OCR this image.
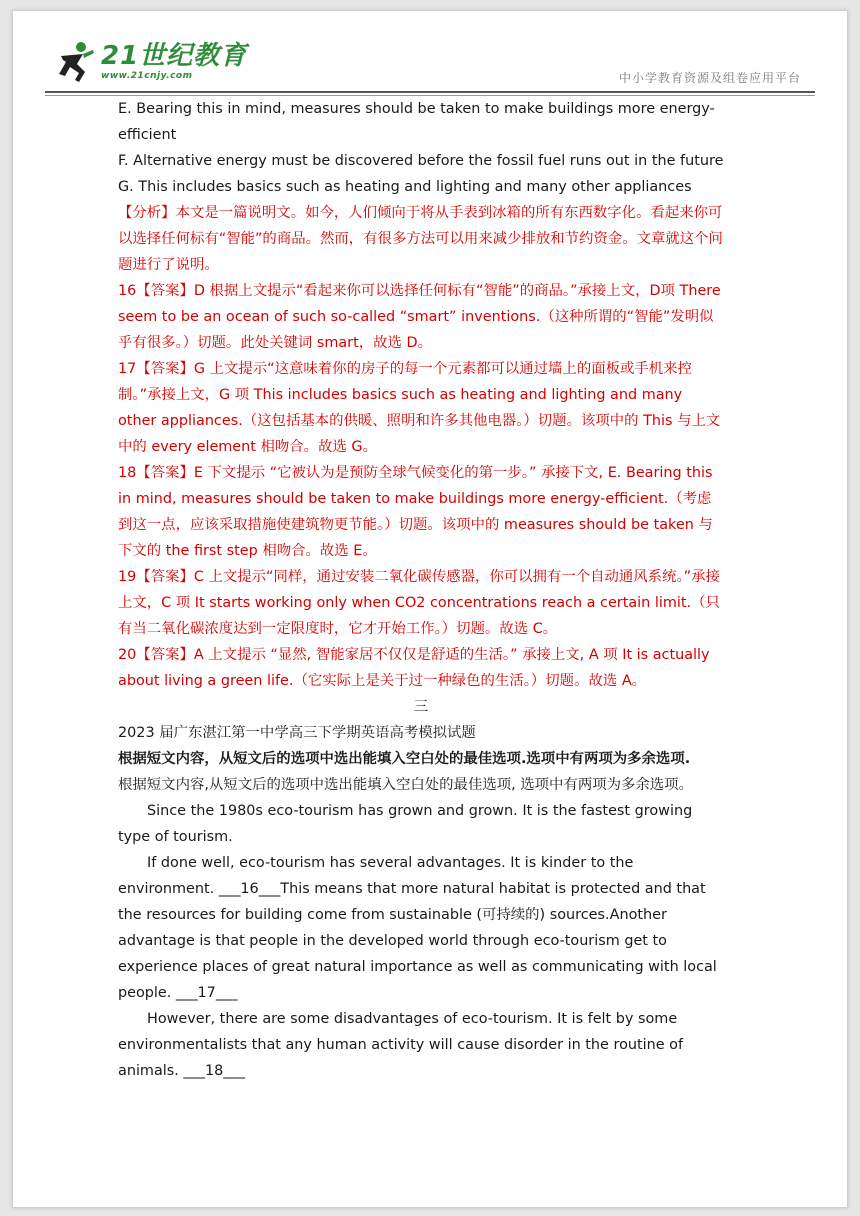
21世纪教育
www.21cnjy.com	中小学教育资源及组卷应用平台

E. Bearing this in mind, measures should be taken to make buildings more energy-efficient

F. Alternative energy must be discovered before the fossil fuel runs out in the future

G. This includes basics such as heating and lighting and many other appliances

【分析】本文是一篇说明文。如今，人们倾向于将从手表到冰箱的所有东西数字化。看起来你可以选择任何标有“智能”的商品。然而，有很多方法可以用来减少排放和节约资金。文章就这个问题进行了说明。

16【答案】D 根据上文提示“看起来你可以选择任何标有“智能”的商品。”承接上文，D项 There seem to be an ocean of such so-called “smart” inventions.（这种所谓的“智能”发明似乎有很多。）切题。此处关键词 smart，故选 D。

17【答案】G 上文提示“这意味着你的房子的每一个元素都可以通过墙上的面板或手机来控制。”承接上文，G 项 This includes basics such as heating and lighting and many other appliances.（这包括基本的供暖、照明和许多其他电器。）切题。该项中的 This 与上文中的 every element 相吻合。故选 G。

18【答案】E 下文提示 “它被认为是预防全球气候变化的第一步。” 承接下文, E. Bearing this in mind, measures should be taken to make buildings more energy-efficient.（考虑到这一点，应该采取措施使建筑物更节能。）切题。该项中的 measures should be taken 与下文的 the first step 相吻合。故选 E。

19【答案】C 上文提示“同样，通过安装二氧化碳传感器，你可以拥有一个自动通风系统。”承接上文，C 项 It starts working only when CO2 concentrations reach a certain limit.（只有当二氧化碳浓度达到一定限度时，它才开始工作。）切题。故选 C。

20【答案】A 上文提示 “显然, 智能家居不仅仅是舒适的生活。” 承接上文, A 项 It is actually about living a green life.（它实际上是关于过一种绿色的生活。）切题。故选 A。

三

2023 届广东湛江第一中学高三下学期英语高考模拟试题

根据短文内容，从短文后的选项中选出能填入空白处的最佳选项.选项中有两项为多余选项.

根据短文内容,从短文后的选项中选出能填入空白处的最佳选项, 选项中有两项为多余选项。

Since the 1980s eco-tourism has grown and grown. It is the fastest growing type of tourism.

If done well, eco-tourism has several advantages. It is kinder to the environment. ___16___This means that more natural habitat is protected and that the resources for building come from sustainable (可持续的) sources.Another advantage is that people in the developed world through eco-tourism get to experience places of great natural importance as well as communicating with local people. ___17___

However, there are some disadvantages of eco-tourism. It is felt by some environmentalists that any human activity will cause disorder in the routine of animals. ___18___
